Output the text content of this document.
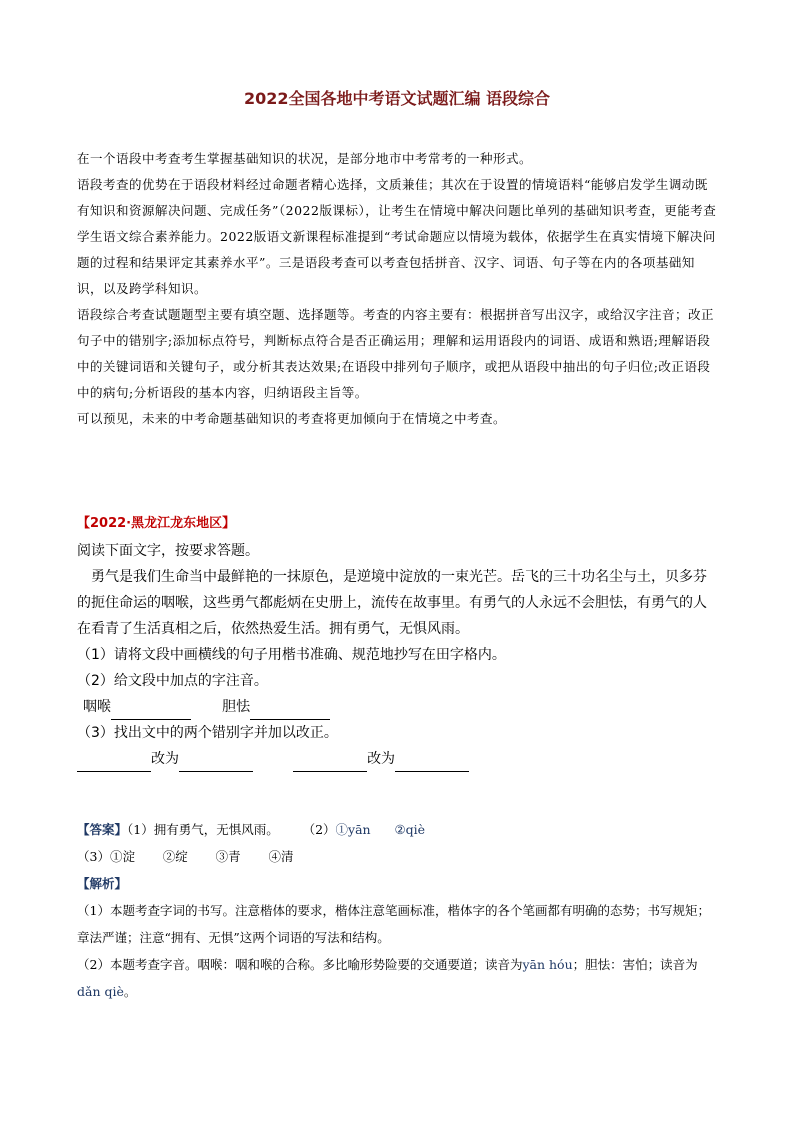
2022全国各地中考语文试题汇编 语段综合

在一个语段中考查考生掌握基础知识的状况，是部分地市中考常考的一种形式。

语段考查的优势在于语段材料经过命题者精心选择，文质兼佳；其次在于设置的情境语料“能够启发学生调动既有知识和资源解决问题、完成任务”（2022版课标），让考生在情境中解决问题比单列的基础知识考查，更能考查学生语文综合素养能力。2022版语文新课程标准提到“考试命题应以情境为载体，依据学生在真实情境下解决问题的过程和结果评定其素养水平”。三是语段考查可以考查包括拼音、汉字、词语、句子等在内的各项基础知识，以及跨学科知识。

语段综合考查试题题型主要有填空题、选择题等。考查的内容主要有：根据拼音写出汉字，或给汉字注音；改正句子中的错别字;添加标点符号，判断标点符合是否正确运用；理解和运用语段内的词语、成语和熟语;理解语段中的关键词语和关键句子，或分析其表达效果;在语段中排列句子顺序，或把从语段中抽出的句子归位;改正语段中的病句;分析语段的基本内容，归纳语段主旨等。

可以预见，未来的中考命题基础知识的考查将更加倾向于在情境之中考查。

【2022·黑龙江龙东地区】
阅读下面文字，按要求答题。
勇气是我们生命当中最鲜艳的一抹原色，是逆境中淀放的一束光芒。岳飞的三十功名尘与土，贝多芬的扼住命运的咽喉，这些勇气都彪炳在史册上，流传在故事里。有勇气的人永远不会胆怯，有勇气的人在看青了生活真相之后，依然热爱生活。拥有勇气，无惧风雨。
（1）请将文段中画横线的句子用楷书准确、规范地抄写在田字格内。
（2）给文段中加点的字注音。
咽喉	胆怯
（3）找出文中的两个错别字并加以改正。
改为	改为
【答案】（1）拥有勇气，无惧风雨。 （2）①yān ②qiè
（3）①淀 ②绽 ③青 ④清
【解析】
（1）本题考查字词的书写。注意楷体的要求，楷体注意笔画标准，楷体字的各个笔画都有明确的态势；书写规矩；章法严谨；注意“拥有、无惧”这两个词语的写法和结构。
（2）本题考查字音。咽喉：咽和喉的合称。多比喻形势险要的交通要道；读音为yān hóu；胆怯：害怕；读音为dǎn qiè。
